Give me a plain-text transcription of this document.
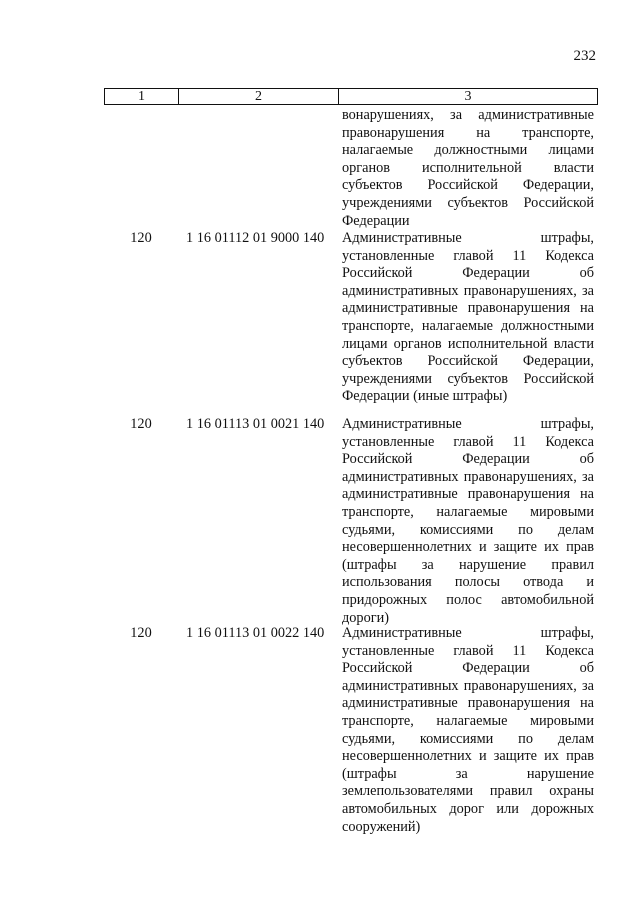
232
1	2	3
вонарушениях, за административные правонарушения на транспорте, налагаемые должностными лицами органов исполнительной власти субъектов Российской Федерации, учреждениями субъектов Российской Федерации
120	1 16 01112 01 9000 140 Административные штрафы, установленные главой 11 Кодекса Российской Федерации об административных правонарушениях, за административные правонарушения на транспорте, налагаемые должностными лицами органов исполнительной власти субъектов Российской Федерации, учреждениями субъектов Российской Федерации (иные штрафы)
120	1 16 01113 01 0021 140 Административные штрафы, установленные главой 11 Кодекса Российской Федерации об административных правонарушениях, за административные правонарушения на транспорте, налагаемые мировыми судьями, комиссиями по делам несовершеннолетних и защите их прав (штрафы за нарушение правил использования полосы отвода и придорожных полос автомобильной дороги)
120	1 16 01113 01 0022 140 Административные штрафы, установленные главой 11 Кодекса Российской Федерации об административных правонарушениях, за административные правонарушения на транспорте, налагаемые мировыми судьями, комиссиями по делам несовершеннолетних и защите их прав (штрафы за нарушение землепользователями правил охраны автомобильных дорог или дорожных сооружений)
